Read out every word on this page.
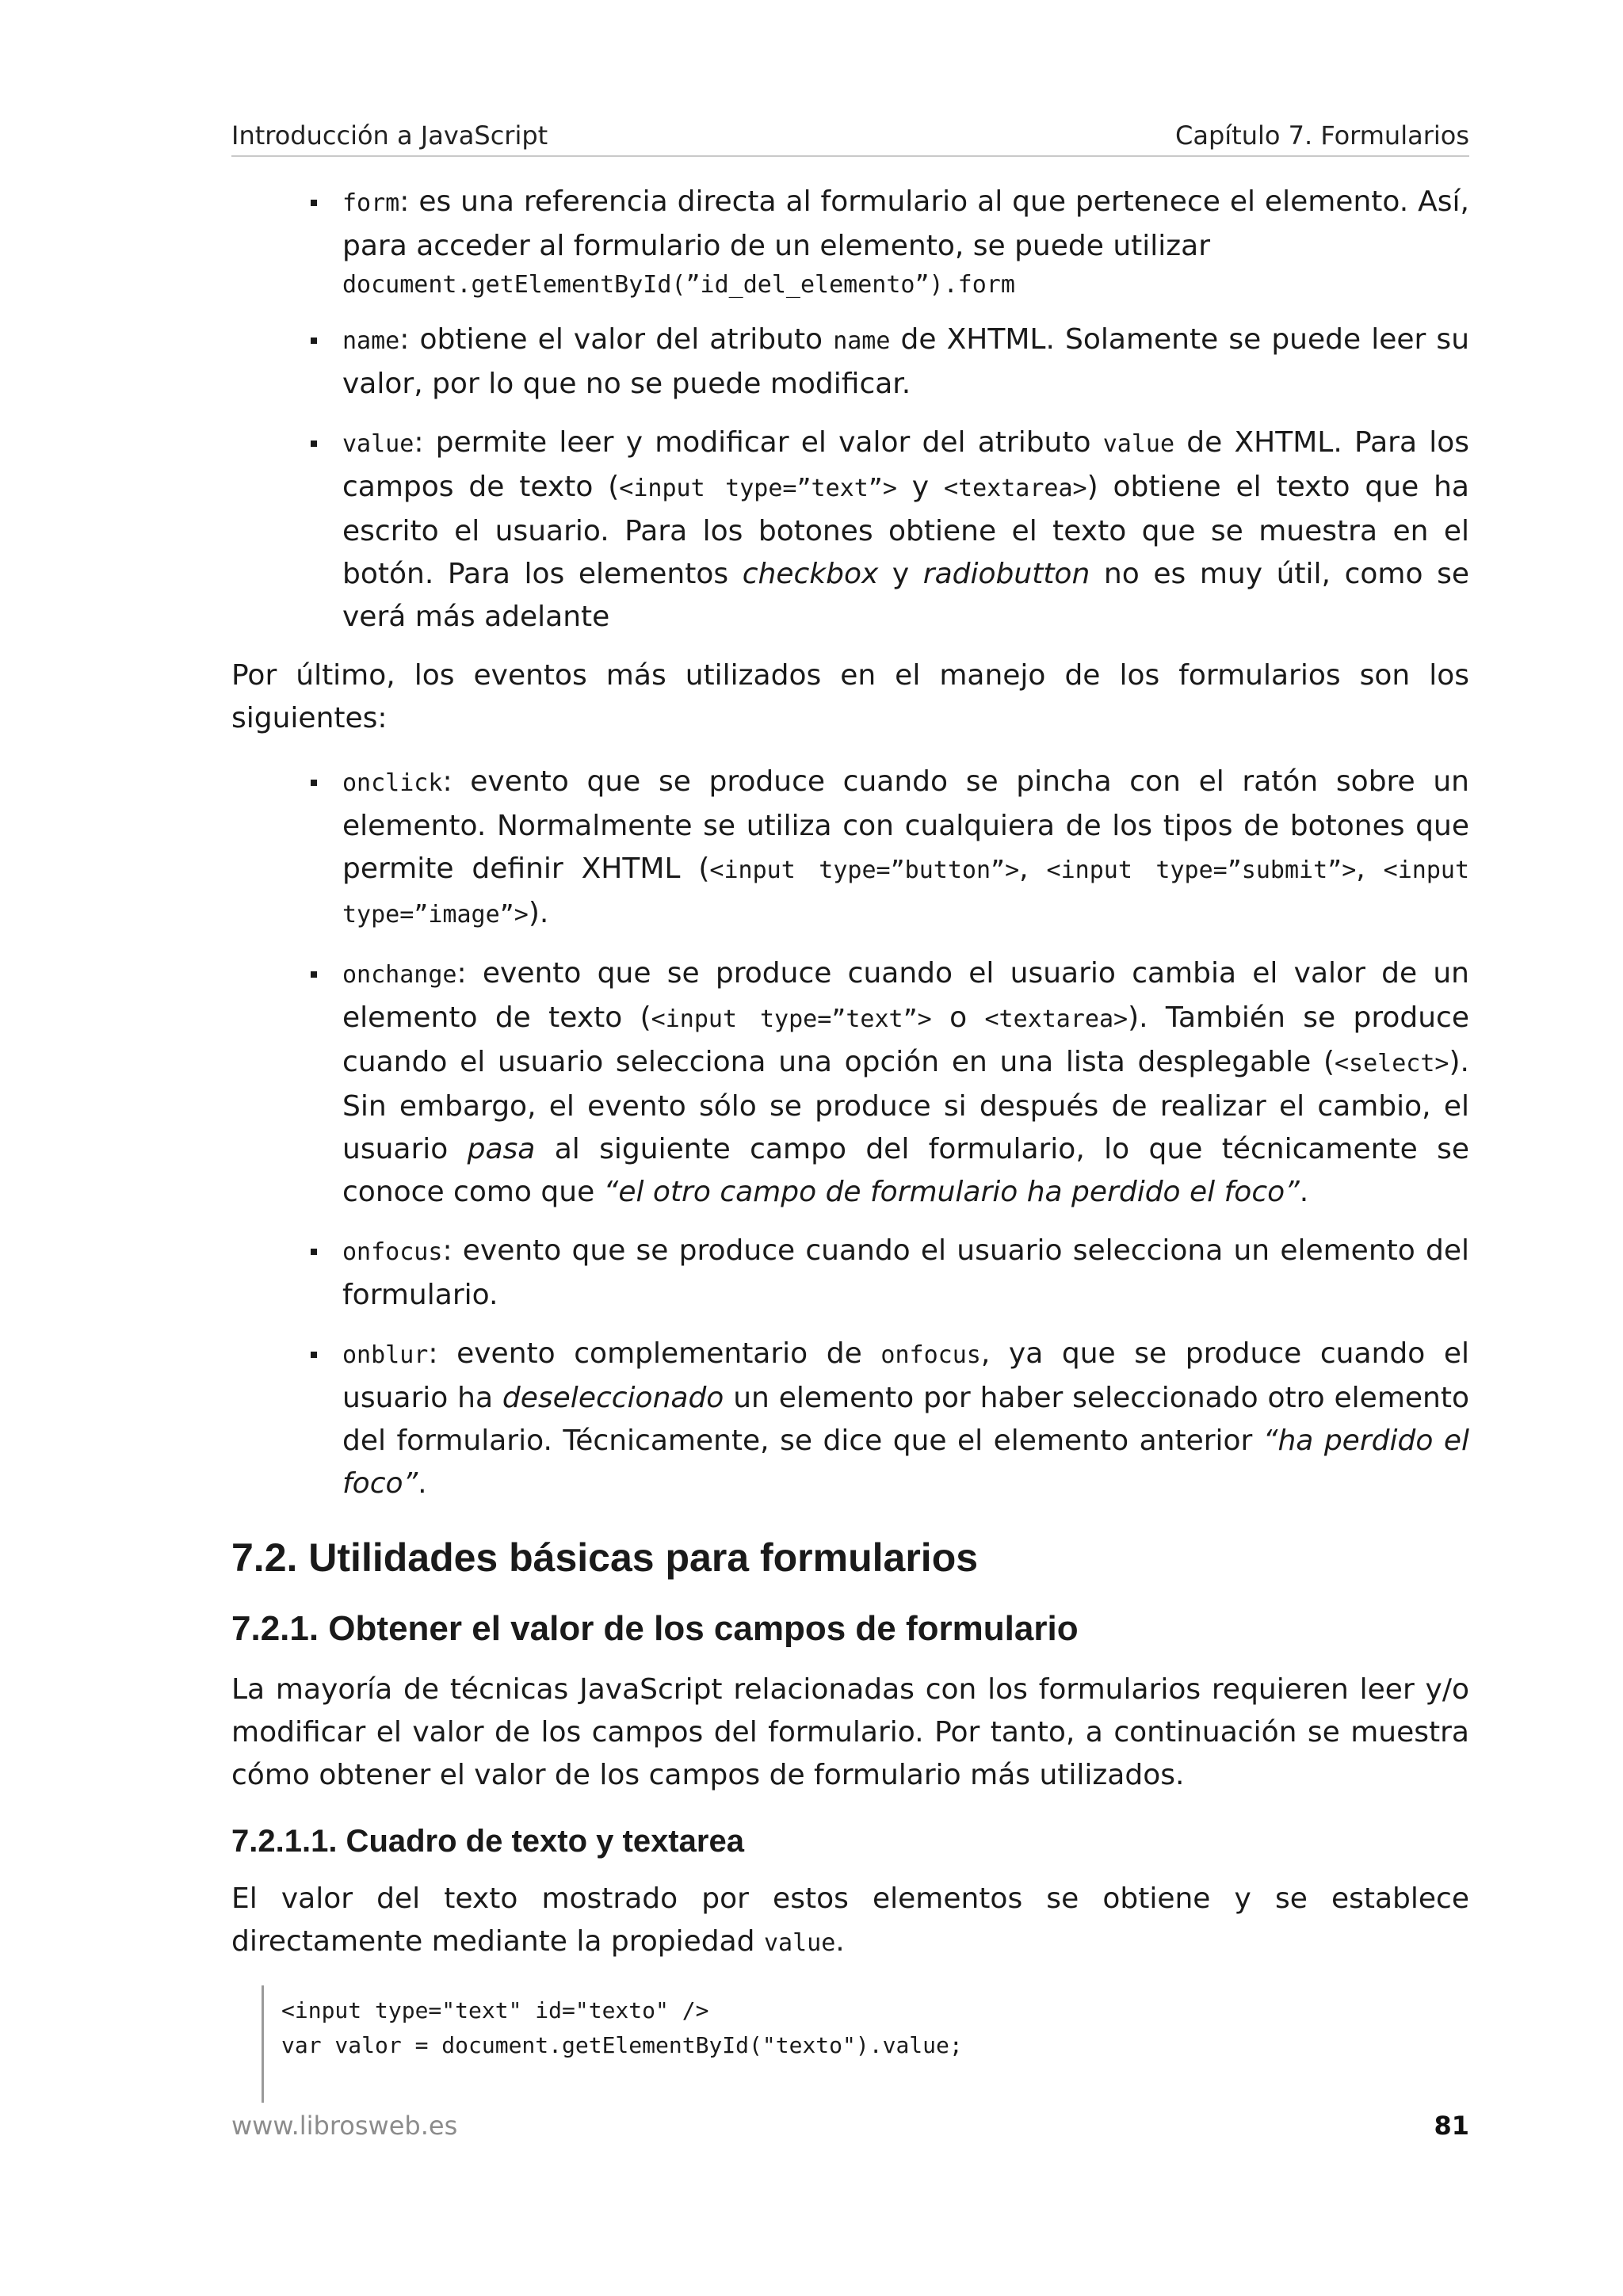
Introducción a JavaScript	Capítulo 7. Formularios
form: es una referencia directa al formulario al que pertenece el elemento. Así, para acceder al formulario de un elemento, se puede utilizar
document.getElementById(”id_del_elemento”).form
name: obtiene el valor del atributo name de XHTML. Solamente se puede leer su valor, por lo que no se puede modificar.
value: permite leer y modificar el valor del atributo value de XHTML. Para los campos de texto (<input type=”text”> y <textarea>) obtiene el texto que ha escrito el usuario. Para los botones obtiene el texto que se muestra en el botón. Para los elementos checkbox y radiobutton no es muy útil, como se verá más adelante

Por último, los eventos más utilizados en el manejo de los formularios son los siguientes:

onclick: evento que se produce cuando se pincha con el ratón sobre un elemento. Normalmente se utiliza con cualquiera de los tipos de botones que permite definir XHTML (<input type=”button”>, <input type=”submit”>, <input type=”image”>).
onchange: evento que se produce cuando el usuario cambia el valor de un elemento de texto (<input type=”text”> o <textarea>). También se produce cuando el usuario selecciona una opción en una lista desplegable (<select>). Sin embargo, el evento sólo se produce si después de realizar el cambio, el usuario pasa al siguiente campo del formulario, lo que técnicamente se conoce como que “el otro campo de formulario ha perdido el foco”.
onfocus: evento que se produce cuando el usuario selecciona un elemento del formulario.
onblur: evento complementario de onfocus, ya que se produce cuando el usuario ha deseleccionado un elemento por haber seleccionado otro elemento del formulario. Técnicamente, se dice que el elemento anterior “ha perdido el foco”.
7.2. Utilidades básicas para formularios
7.2.1. Obtener el valor de los campos de formulario

La mayoría de técnicas JavaScript relacionadas con los formularios requieren leer y/o modificar el valor de los campos del formulario. Por tanto, a continuación se muestra cómo obtener el valor de los campos de formulario más utilizados.

7.2.1.1. Cuadro de texto y textarea

El valor del texto mostrado por estos elementos se obtiene y se establece directamente mediante la propiedad value.

<input type="text" id="texto" />
var valor = document.getElementById("texto").value;
www.librosweb.es	81
